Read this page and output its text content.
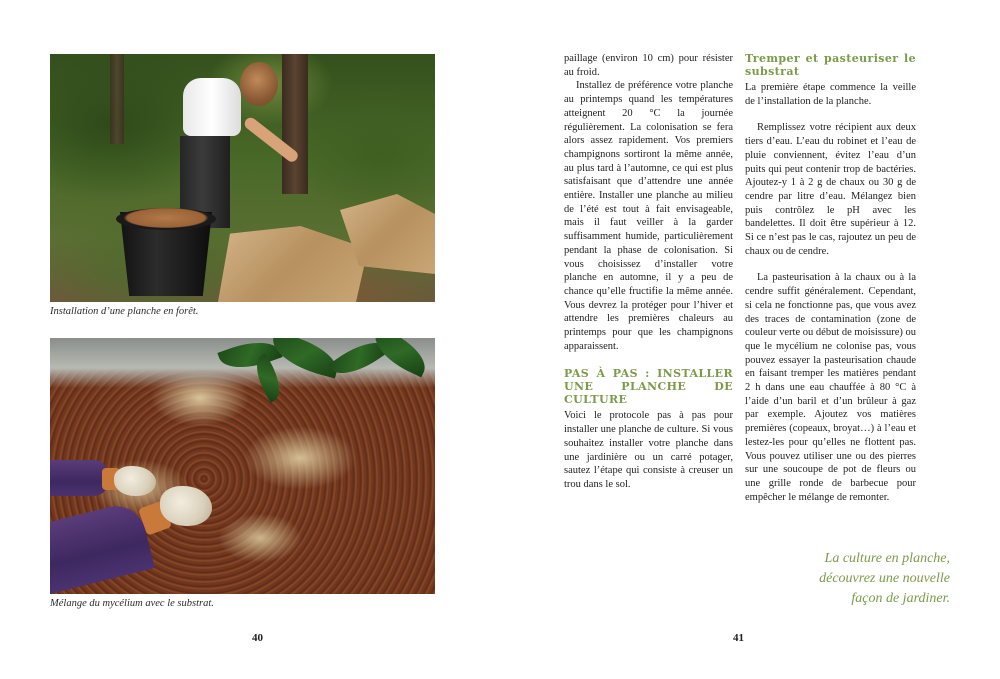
Installation d’une planche en forêt.
Mélange du mycélium avec le substrat.
40

paillage (environ 10 cm) pour résister au froid.

Installez de préférence votre planche au printemps quand les températures atteignent 20 °C la journée régulièrement. La colonisation se fera alors assez rapidement. Vos premiers champignons sortiront la même année, au plus tard à l’automne, ce qui est plus satisfaisant que d’attendre une année entière. Installer une planche au milieu de l’été est tout à fait envisageable, mais il faut veiller à la garder suffisamment humide, particulièrement pendant la phase de colonisation. Si vous choisissez d’installer votre planche en automne, il y a peu de chance qu’elle fructifie la même année. Vous devrez la protéger pour l’hiver et attendre les premières chaleurs au printemps pour que les champignons apparaissent.

PAS À PAS : INSTALLER UNE PLANCHE DE CULTURE

Voici le protocole pas à pas pour installer une planche de culture. Si vous souhaitez installer votre planche dans une jardinière ou un carré potager, sautez l’étape qui consiste à creuser un trou dans le sol.

Tremper et pasteuriser le substrat

La première étape commence la veille de l’installation de la planche.

Remplissez votre récipient aux deux tiers d’eau. L’eau du robinet et l’eau de pluie conviennent, évitez l’eau d’un puits qui peut contenir trop de bactéries. Ajoutez-y 1 à 2 g de chaux ou 30 g de cendre par litre d’eau. Mélangez bien puis contrôlez le pH avec les bandelettes. Il doit être supérieur à 12. Si ce n’est pas le cas, rajoutez un peu de chaux ou de cendre.

La pasteurisation à la chaux ou à la cendre suffit généralement. Cependant, si cela ne fonctionne pas, que vous avez des traces de contamination (zone de couleur verte ou début de moisissure) ou que le mycélium ne colonise pas, vous pouvez essayer la pasteurisation chaude en faisant tremper les matières pendant 2 h dans une eau chauffée à 80 °C à l’aide d’un baril et d’un brûleur à gaz par exemple. Ajoutez vos matières premières (copeaux, broyat…) à l’eau et lestez-les pour qu’elles ne flottent pas. Vous pouvez utiliser une ou des pierres sur une soucoupe de pot de fleurs ou une grille ronde de barbecue pour empêcher le mélange de remonter.

La culture en planche,
découvrez une nouvelle
façon de jardiner.
41
